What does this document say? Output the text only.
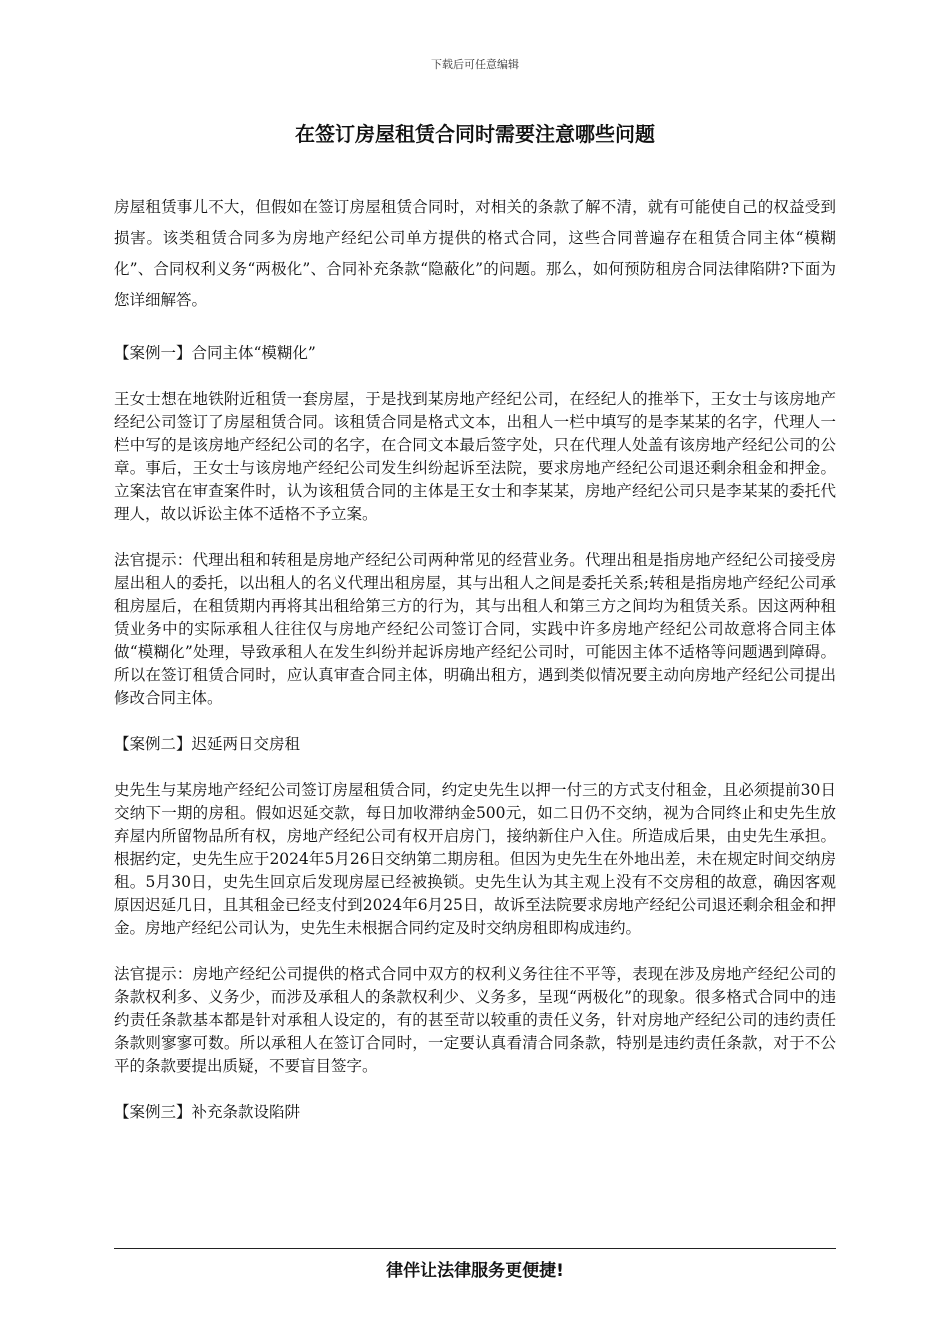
下载后可任意编辑
在签订房屋租赁合同时需要注意哪些问题

房屋租赁事儿不大，但假如在签订房屋租赁合同时，对相关的条款了解不清，就有可能使自己的权益受到损害。该类租赁合同多为房地产经纪公司单方提供的格式合同，这些合同普遍存在租赁合同主体“模糊化”、合同权利义务“两极化”、合同补充条款“隐蔽化”的问题。那么，如何预防租房合同法律陷阱?下面为您详细解答。

【案例一】合同主体“模糊化”

王女士想在地铁附近租赁一套房屋，于是找到某房地产经纪公司，在经纪人的推举下，王女士与该房地产经纪公司签订了房屋租赁合同。该租赁合同是格式文本，出租人一栏中填写的是李某某的名字，代理人一栏中写的是该房地产经纪公司的名字，在合同文本最后签字处，只在代理人处盖有该房地产经纪公司的公章。事后，王女士与该房地产经纪公司发生纠纷起诉至法院，要求房地产经纪公司退还剩余租金和押金。立案法官在审查案件时，认为该租赁合同的主体是王女士和李某某，房地产经纪公司只是李某某的委托代理人，故以诉讼主体不适格不予立案。

法官提示：代理出租和转租是房地产经纪公司两种常见的经营业务。代理出租是指房地产经纪公司接受房屋出租人的委托，以出租人的名义代理出租房屋，其与出租人之间是委托关系;转租是指房地产经纪公司承租房屋后，在租赁期内再将其出租给第三方的行为，其与出租人和第三方之间均为租赁关系。因这两种租赁业务中的实际承租人往往仅与房地产经纪公司签订合同，实践中许多房地产经纪公司故意将合同主体做“模糊化”处理，导致承租人在发生纠纷并起诉房地产经纪公司时，可能因主体不适格等问题遇到障碍。所以在签订租赁合同时，应认真审查合同主体，明确出租方，遇到类似情况要主动向房地产经纪公司提出修改合同主体。

【案例二】迟延两日交房租

史先生与某房地产经纪公司签订房屋租赁合同，约定史先生以押一付三的方式支付租金，且必须提前30日交纳下一期的房租。假如迟延交款，每日加收滞纳金500元，如二日仍不交纳，视为合同终止和史先生放弃屋内所留物品所有权，房地产经纪公司有权开启房门，接纳新住户入住。所造成后果，由史先生承担。根据约定，史先生应于2024年5月26日交纳第二期房租。但因为史先生在外地出差，未在规定时间交纳房租。5月30日，史先生回京后发现房屋已经被换锁。史先生认为其主观上没有不交房租的故意，确因客观原因迟延几日，且其租金已经支付到2024年6月25日，故诉至法院要求房地产经纪公司退还剩余租金和押金。房地产经纪公司认为，史先生未根据合同约定及时交纳房租即构成违约。

法官提示：房地产经纪公司提供的格式合同中双方的权利义务往往不平等，表现在涉及房地产经纪公司的条款权利多、义务少，而涉及承租人的条款权利少、义务多，呈现“两极化”的现象。很多格式合同中的违约责任条款基本都是针对承租人设定的，有的甚至苛以较重的责任义务，针对房地产经纪公司的违约责任条款则寥寥可数。所以承租人在签订合同时，一定要认真看清合同条款，特别是违约责任条款，对于不公平的条款要提出质疑，不要盲目签字。

【案例三】补充条款设陷阱

律伴让法律服务更便捷!
